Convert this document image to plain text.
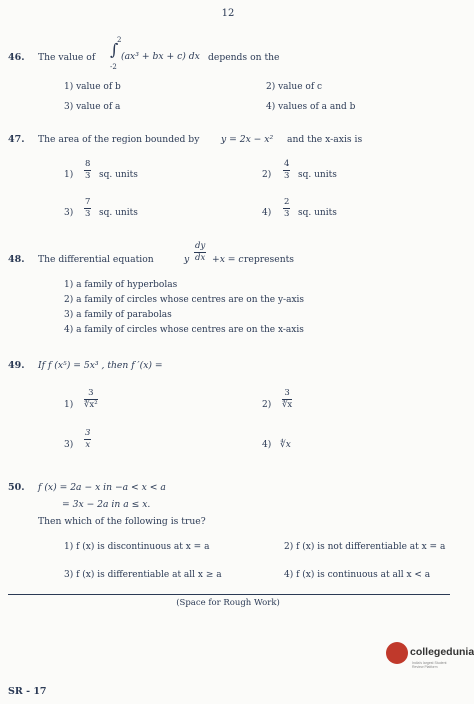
12
46. The value of ∫
2
-2
(ax³ + bx + c) dx depends on the
1) value of b	2) value of c
3) value of a	4) values of a and b
47. The area of the region bounded by y = 2x − x² and the x-axis is
$1) \frac{8}{3}$ sq. units	$2) \frac{4}{3}$ sq. units
$3) \frac{7}{3}$ sq. units	$4) \frac{2}{3}$ sq. units
48. The differential equation	y $\frac{dy}{dx} +x = c$ represents
1) a family of hyperbolas
2) a family of circles whose centres are on the y-axis
3) a family of parabolas
4) a family of circles whose centres are on the x-axis
49. If f (x⁵) = 5x³ , then f ′(x) =
$1) \frac{3}{\text{∜x²}}$	$2) \frac{3}{∜x}$
$3) \frac{3}{x}$	4) ∜x
50. f (x) = 2a − x in −a < x < a
= 3x − 2a in a ≤ x.
Then which of the following is true?
1) f (x) is discontinuous at x = a	2) f (x) is not differentiable at x = a
3) f (x) is differentiable at all x ≥ a	4) f (x) is continuous at all x < a
(Space for Rough Work)
collegedunia
India's largest Student Review Platform
SR - 17
